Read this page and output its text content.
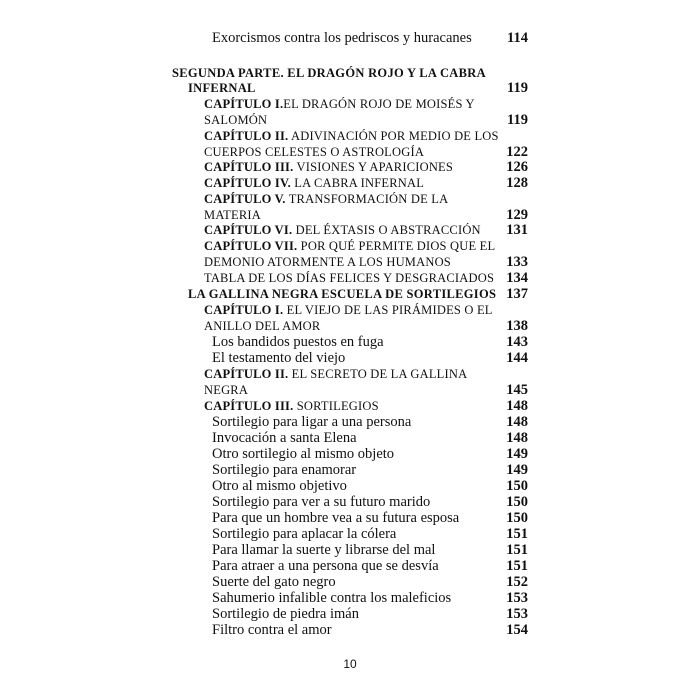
Exorcismos contra los pedriscos y huracanes	114
SEGUNDA PARTE. EL DRAGÓN ROJO Y LA CABRA
INFERNAL	119
CAPÍTULO I.EL DRAGÓN ROJO DE MOISÉS Y
SALOMÓN	119
CAPÍTULO II. ADIVINACIÓN POR MEDIO DE LOS
CUERPOS CELESTES O ASTROLOGÍA	122
CAPÍTULO III. VISIONES Y APARICIONES	126
CAPÍTULO IV. LA CABRA INFERNAL	128
CAPÍTULO V. TRANSFORMACIÓN DE LA
MATERIA	129
CAPÍTULO VI. DEL ÉXTASIS O ABSTRACCIÓN	131
CAPÍTULO VII. POR QUÉ PERMITE DIOS QUE EL
DEMONIO ATORMENTE A LOS HUMANOS	133
TABLA DE LOS DÍAS FELICES Y DESGRACIADOS 134
LA GALLINA NEGRA ESCUELA DE SORTILEGIOS 137
CAPÍTULO I. EL VIEJO DE LAS PIRÁMIDES O EL
ANILLO DEL AMOR	138
Los bandidos puestos en fuga	143
El testamento del viejo	144
CAPÍTULO II. EL SECRETO DE LA GALLINA
NEGRA	145
CAPÍTULO III. SORTILEGIOS	148
Sortilegio para ligar a una persona	148
Invocación a santa Elena	148
Otro sortilegio al mismo objeto	149
Sortilegio para enamorar	149
Otro al mismo objetivo	150
Sortilegio para ver a su futuro marido	150
Para que un hombre vea a su futura esposa	150
Sortilegio para aplacar la cólera	151
Para llamar la suerte y librarse del mal	151
Para atraer a una persona que se desvía	151
Suerte del gato negro	152
Sahumerio infalible contra los maleficios	153
Sortilegio de piedra imán	153
Filtro contra el amor	154
10
